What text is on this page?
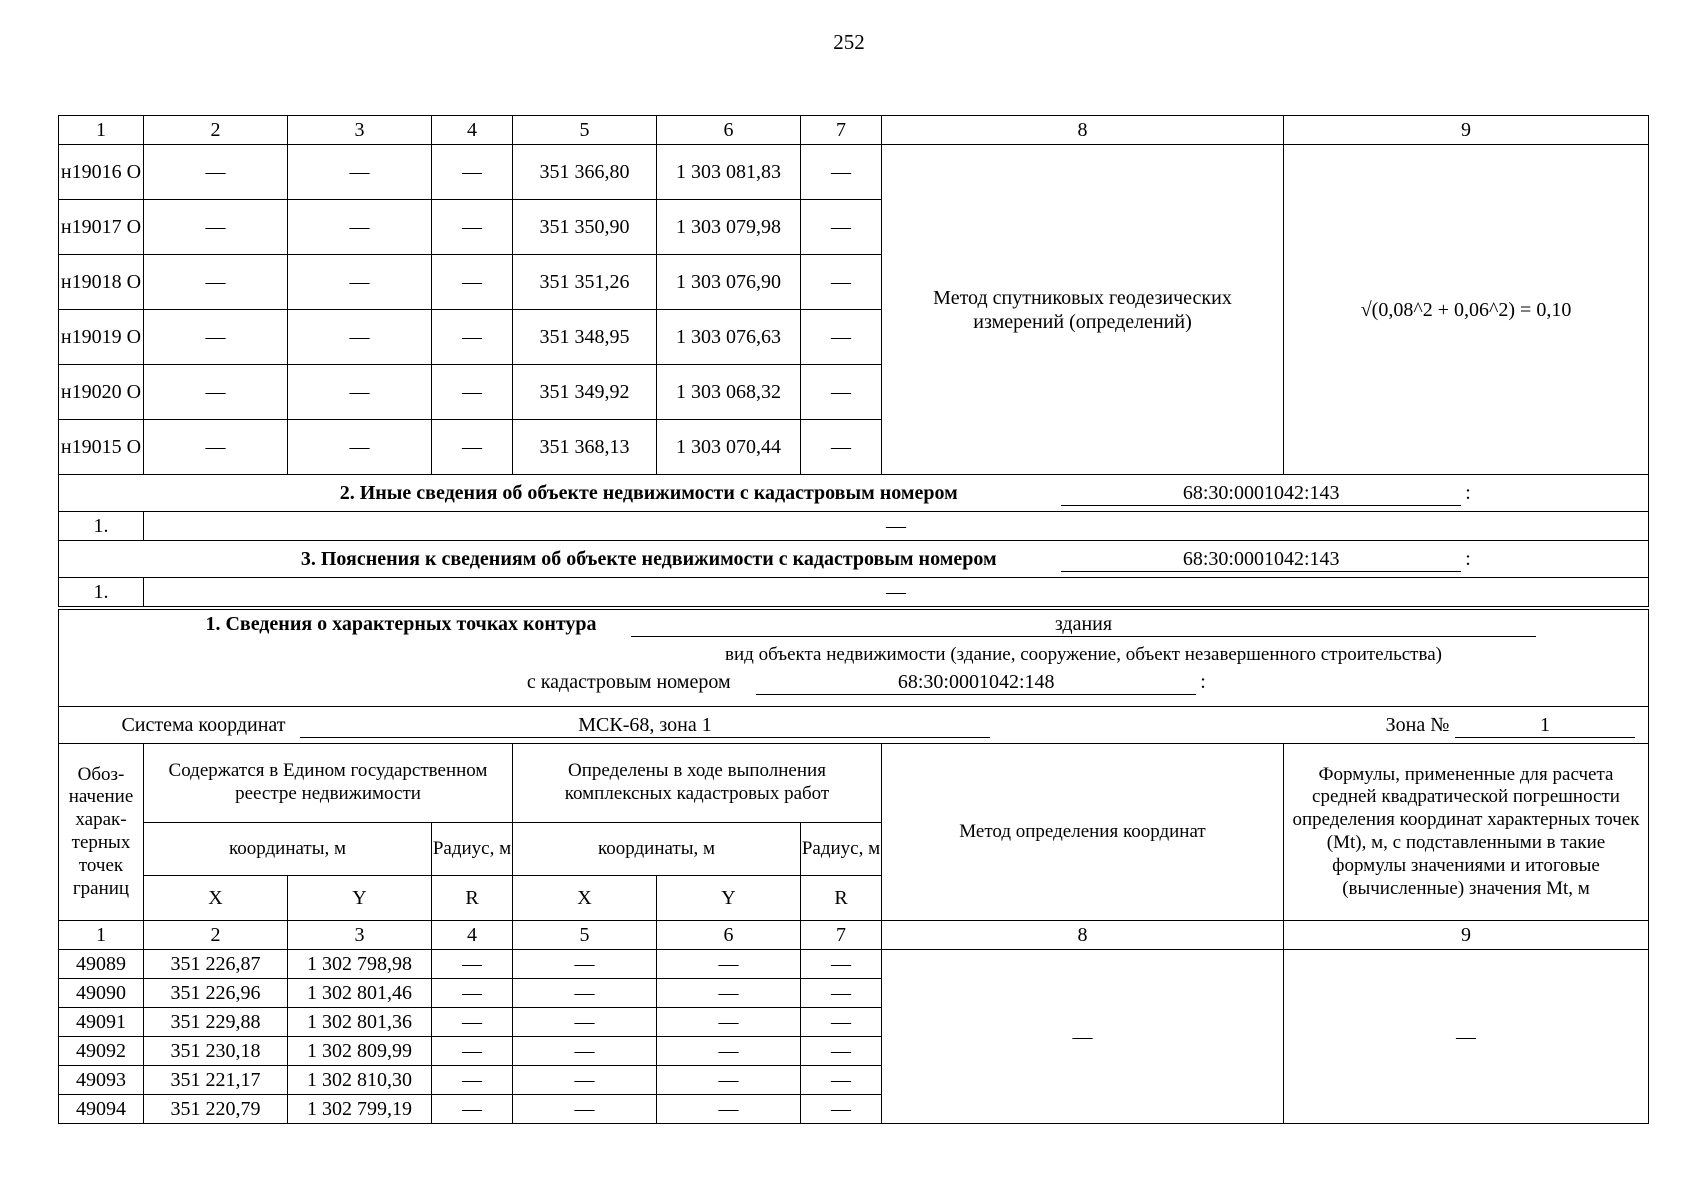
252
1	2	3	4	5	6	7	8	9
н19016 О	—	—	—	351 366,80	1 303 081,83	—	Метод спутниковых геодезических измерений (определений)	√(0,08^2 + 0,06^2) = 0,10
н19017 О	—	—	—	351 350,90	1 303 079,98	—		
н19018 О	—	—	—	351 351,26	1 303 076,90	—		
н19019 О	—	—	—	351 348,95	1 303 076,63	—		
н19020 О	—	—	—	351 349,92	1 303 068,32	—		
н19015 О	—	—	—	351 368,13	1 303 070,44	—		
2. Иные сведения об объекте недвижимости с кадастровым номером 68:30:0001042:143 :								
1.	—							
3. Пояснения к сведениям об объекте недвижимости с кадастровым номером 68:30:0001042:143 :								
1.	—							

1. Сведения о характерных точках контура здания
вид объекта недвижимости (здание, сооружение, объект незавершенного строительства)
с кадастровым номером 68:30:0001042:148 :								

Система координат МСК-68, зона 1 Зона № 1								
Обоз-начение харак-терных точек границ	Содержатся в Едином государственном реестре недвижимости			Определены в ходе выполнения комплексных кадастровых работ			Метод определения координат	Формулы, примененные для расчета средней квадратической погрешности определения координат характерных точек (Mt), м, с подставленными в такие формулы значениями и итоговые (вычисленные) значения Mt, м
	координаты, м		Радиус, м	координаты, м		Радиус, м		
	X	Y	R	X	Y	R		
1	2	3	4	5	6	7	8	9
49089	351 226,87	1 302 798,98	—	—	—	—	—	—
49090	351 226,96	1 302 801,46	—	—	—	—		
49091	351 229,88	1 302 801,36	—	—	—	—		
49092	351 230,18	1 302 809,99	—	—	—	—		
49093	351 221,17	1 302 810,30	—	—	—	—		
49094	351 220,79	1 302 799,19	—	—	—	—		
